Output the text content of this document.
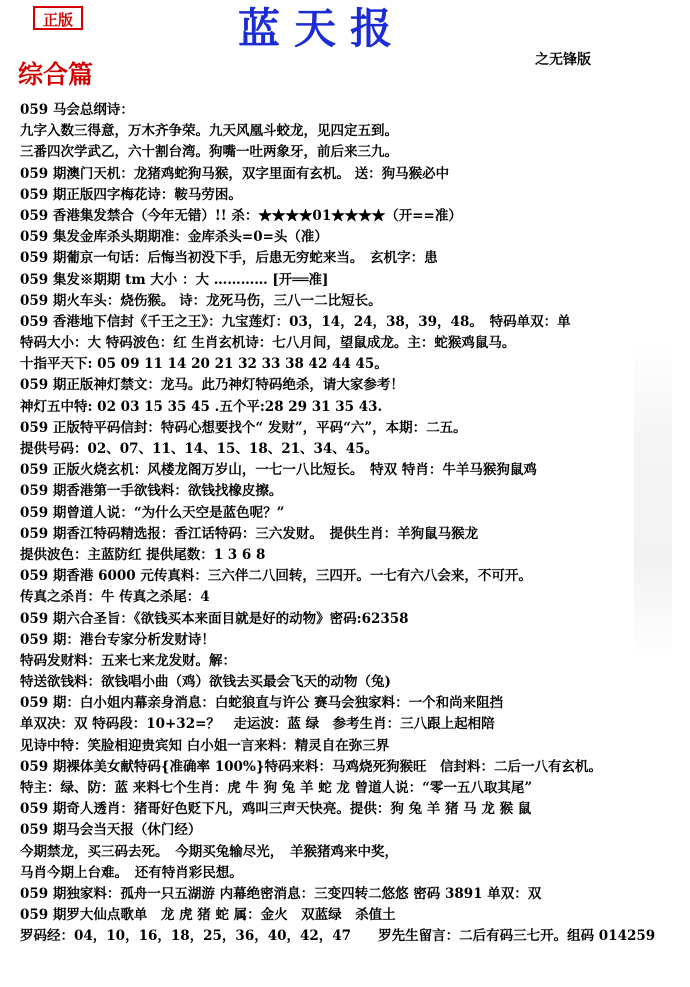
正版	蓝天报
之无锋版
综合篇
059 马会总纲诗：
九字入数三得意，万木齐争荣。九天风凰斗蛟龙，见四定五到。
三番四次学武乙，六十割台湾。狗嘴一吐两象牙，前后来三九。
059 期澳门天机：龙猪鸡蛇狗马猴，双字里面有玄机。 送：狗马猴必中
059 期正版四字梅花诗：鞍马劳困。
059 香港集发禁合（今年无错）!! 杀：★★★★01★★★★（开==准）
059 集发金库杀头期期准：金库杀头=0=头（准）
059 期葡京一句话：后悔当初没下手，后患无穷蛇来当。　玄机字：患
059 集发※期期 tm 大小 ：大 ………… [开══准]
059 期火车头：烧伤猴。 诗：龙死马伤，三八一二比短长。
059 香港地下信封《千王之王》：九宝莲灯：03，14，24，38，39，48。　特码单双：单
特码大小：大 特码波色：红 生肖玄机诗：七八月间，望鼠成龙。主：蛇猴鸡鼠马。
十指平天下: 05 09 11 14 20 21 32 33 38 42 44 45。
059 期正版神灯禁文：龙马。此乃神灯特码绝杀，请大家参考！
神灯五中特: 02 03 15 35 45 .五个平:28 29 31 35 43.
059 正版特平码信封：特码心想要找个“ 发财”，平码“六”，本期：二五。
提供号码：02、07、11、14、15、18、21、34、45。
059 正版火烧玄机：风楼龙阁万岁山，一七一八比短长。　特双 特肖：牛羊马猴狗鼠鸡
059 期香港第一手欲钱料：欲钱找橡皮擦。
059 期曾道人说：“为什么天空是蓝色呢？”
059 期香江特码精选报：香江话特码：三六发财。　提供生肖：羊狗鼠马猴龙
提供波色：主蓝防红 提供尾数：1 3 6 8
059 期香港 6000 元传真料：三六伴二八回转，三四开。一七有六八会来，不可开。
传真之杀肖：牛 传真之杀尾：4
059 期六合圣旨：《欲钱买本来面目就是好的动物》密码:62358
059 期：港台专家分析发财诗！
特码发财料：五来七来龙发财。解：
特送欲钱料：欲钱唱小曲（鸡）欲钱去买最会飞天的动物（兔)
059 期：白小姐内幕亲身消息：白蛇狼直与许公 赛马会独家料：一个和尚来阻挡
单双决：双 特码段：10+32=？　走运波：蓝 绿　参考生肖：三八跟上起相陪
见诗中特：笑脸相迎贵宾知 白小姐一言来料：精灵自在弥三界
059 期裸体美女献特码{准确率 100%}特码来料：马鸡烧死狗猴旺　信封料：二后一八有玄机。
特主：绿、防：蓝 来料七个生肖：虎 牛 狗 兔 羊 蛇 龙 曾道人说：“零一五八取其尾”
059 期奇人透肖：猪哥好色贬下凡，鸡叫三声天快亮。提供：狗 兔 羊 猪 马 龙 猴 鼠
059 期马会当天报（休门经）
今期禁龙，买三码去死。　今期买兔输尽光，　羊猴猪鸡来中奖，
马肖今期上台难。　还有特肖彩民想。
059 期独家料：孤舟一只五湖游 内幕绝密消息：三变四转二悠悠 密码 3891 单双：双
059 期罗大仙点歌单　龙 虎 猪 蛇 属：金火　双蓝绿　杀值土
罗码经：04，10，16，18，25，36，40，42，47　　罗先生留言：二后有码三七开。组码 014259
